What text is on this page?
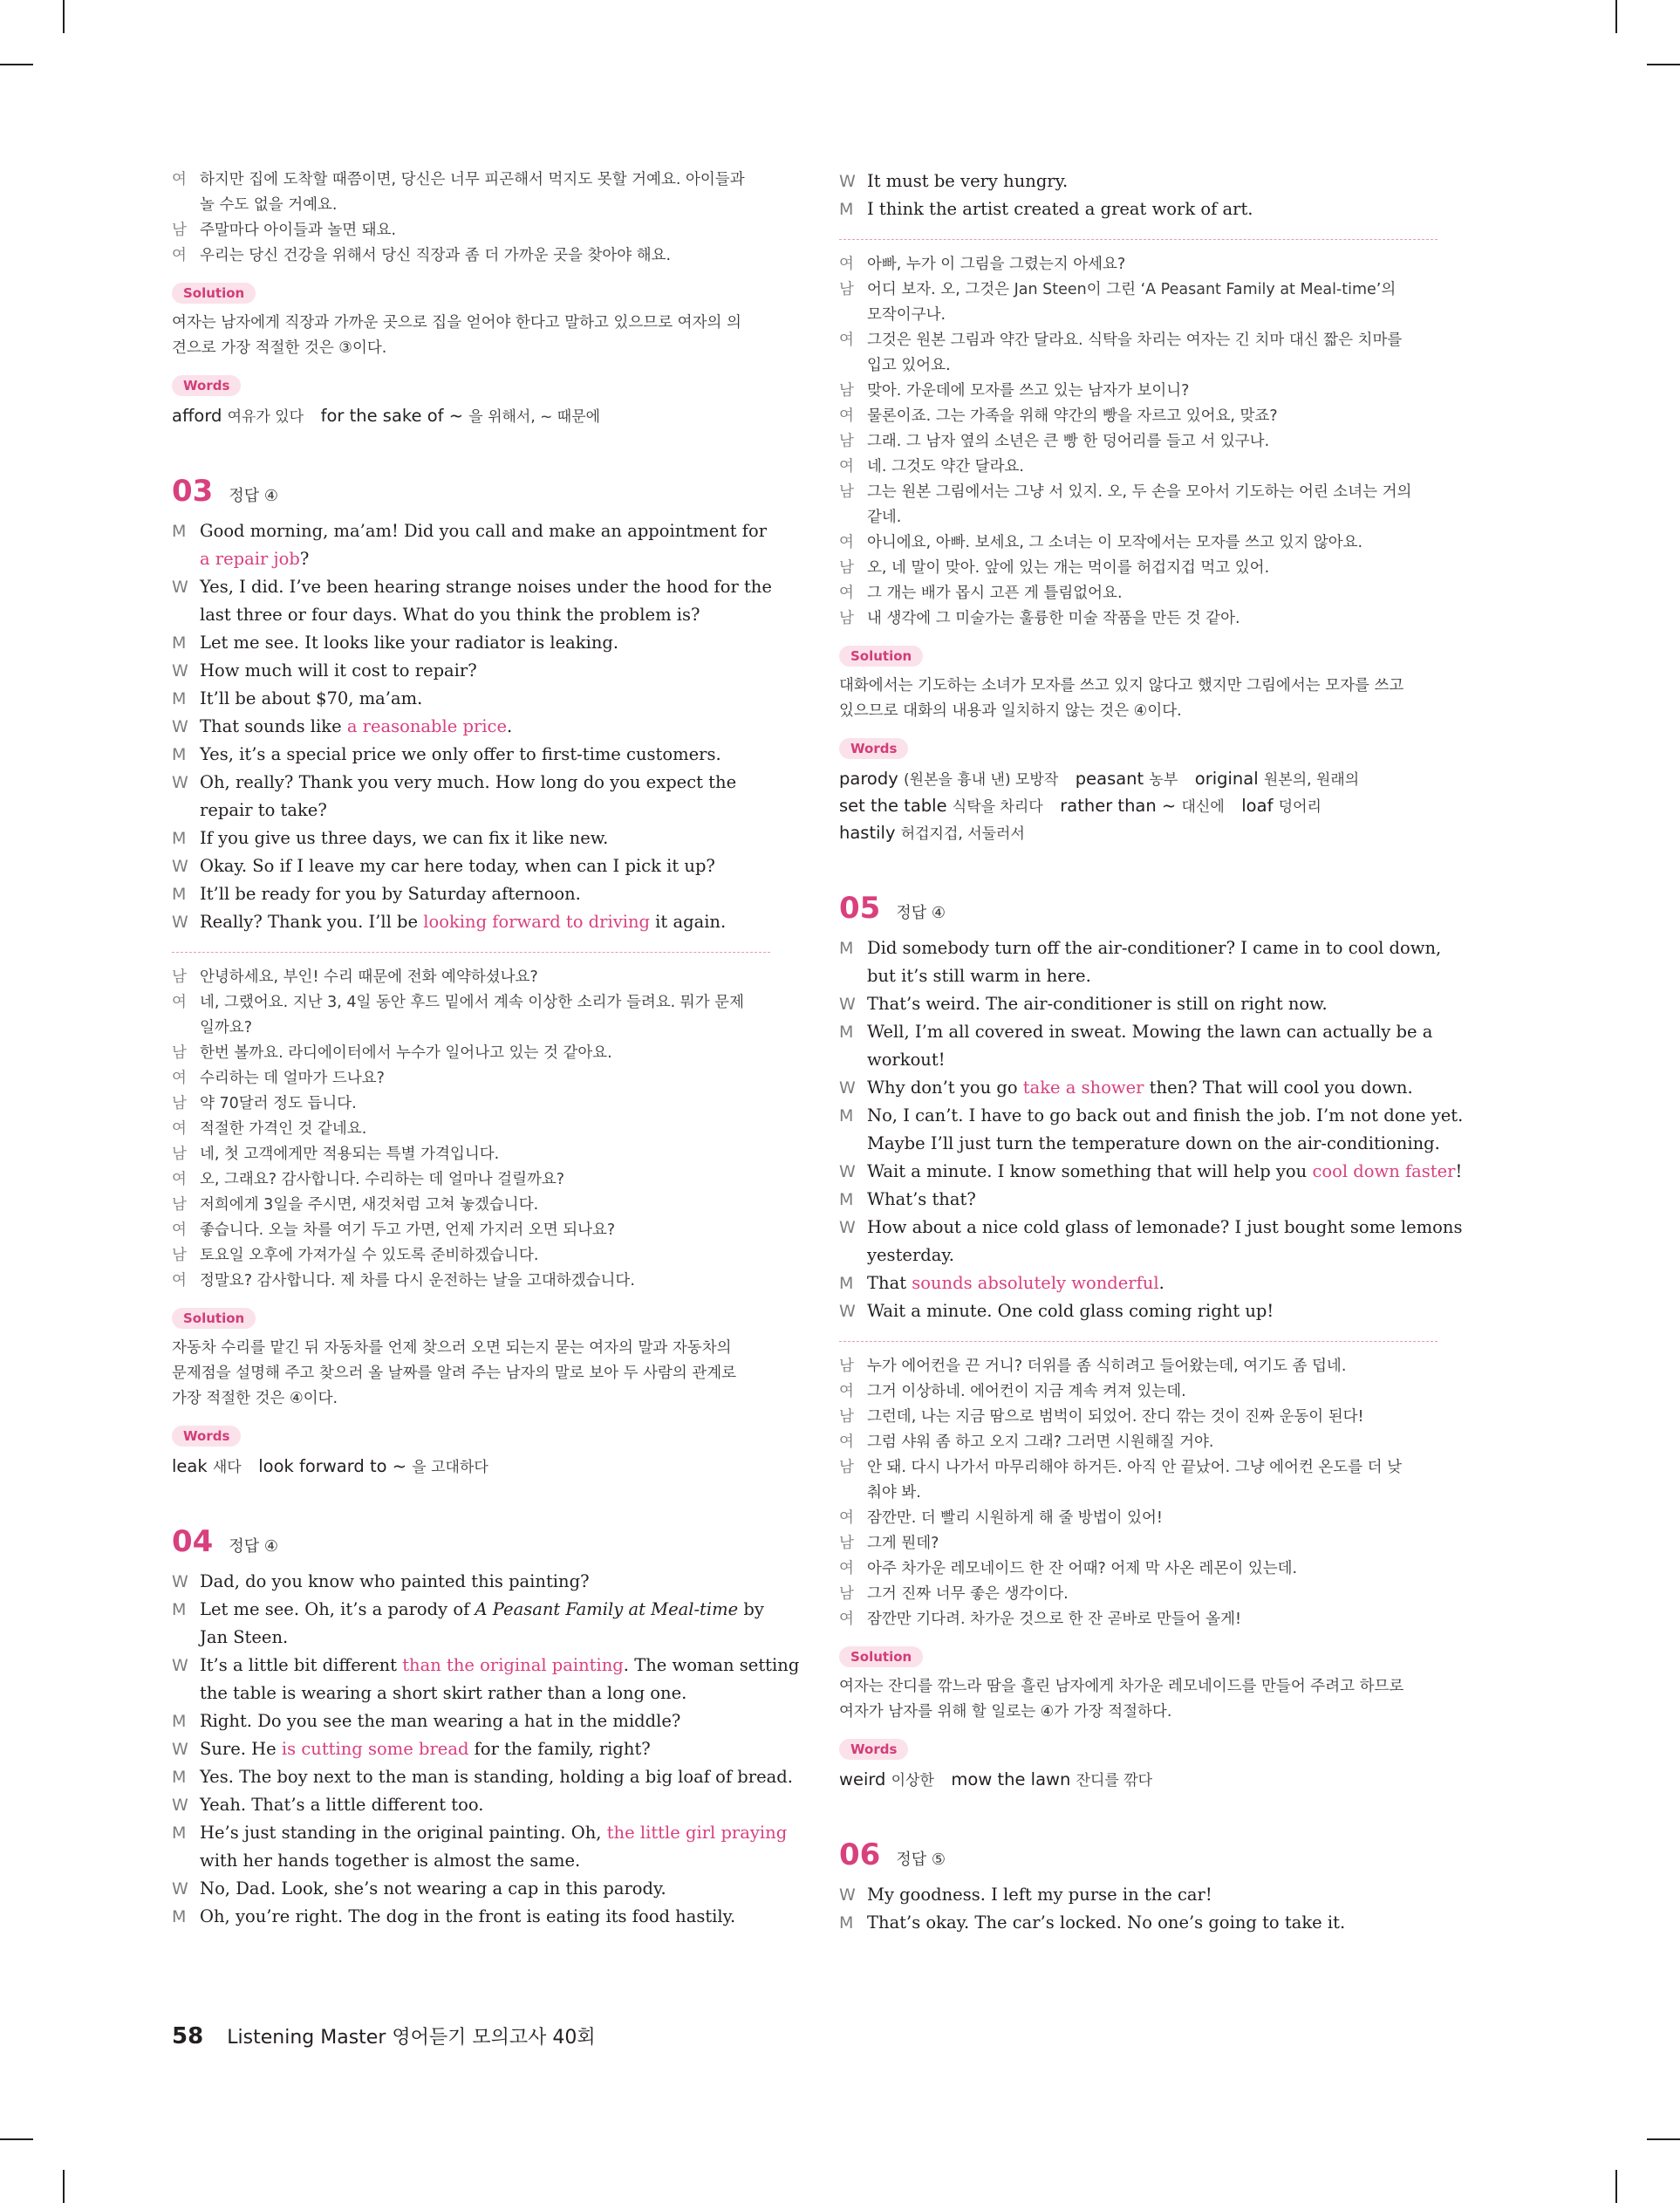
여 하지만 집에 도착할 때쯤이면, 당신은 너무 피곤해서 먹지도 못할 거예요. 아이들과
놀 수도 없을 거예요.
남 주말마다 아이들과 놀면 돼요.
여 우리는 당신 건강을 위해서 당신 직장과 좀 더 가까운 곳을 찾아야 해요.
Solution
여자는 남자에게 직장과 가까운 곳으로 집을 얻어야 한다고 말하고 있으므로 여자의 의
견으로 가장 적절한 것은 ③이다.
Words
afford 여유가 있다  for the sake of ~ 을 위해서, ~ 때문에
03 정답 ④
M Good morning, ma’am! Did you call and make an appointment for
a repair job?
W Yes, I did. I’ve been hearing strange noises under the hood for the
last three or four days. What do you think the problem is?
M Let me see. It looks like your radiator is leaking.
W How much will it cost to repair?
M It’ll be about $70, ma’am.
W That sounds like a reasonable price.
M Yes, it’s a special price we only offer to first-time customers.
W Oh, really? Thank you very much. How long do you expect the
repair to take?
M If you give us three days, we can fix it like new.
W Okay. So if I leave my car here today, when can I pick it up?
M It’ll be ready for you by Saturday afternoon.
W Really? Thank you. I’ll be looking forward to driving it again.
남 안녕하세요, 부인! 수리 때문에 전화 예약하셨나요?
여 네, 그랬어요. 지난 3, 4일 동안 후드 밑에서 계속 이상한 소리가 들려요. 뭐가 문제
일까요?
남 한번 볼까요. 라디에이터에서 누수가 일어나고 있는 것 같아요.
여 수리하는 데 얼마가 드나요?
남 약 70달러 정도 듭니다.
여 적절한 가격인 것 같네요.
남 네, 첫 고객에게만 적용되는 특별 가격입니다.
여 오, 그래요? 감사합니다. 수리하는 데 얼마나 걸릴까요?
남 저희에게 3일을 주시면, 새것처럼 고쳐 놓겠습니다.
여 좋습니다. 오늘 차를 여기 두고 가면, 언제 가지러 오면 되나요?
남 토요일 오후에 가져가실 수 있도록 준비하겠습니다.
여 정말요? 감사합니다. 제 차를 다시 운전하는 날을 고대하겠습니다.
Solution
자동차 수리를 맡긴 뒤 자동차를 언제 찾으러 오면 되는지 묻는 여자의 말과 자동차의
문제점을 설명해 주고 찾으러 올 날짜를 알려 주는 남자의 말로 보아 두 사람의 관계로
가장 적절한 것은 ④이다.
Words
leak 새다  look forward to ~ 을 고대하다
04 정답 ④
W Dad, do you know who painted this painting?
M Let me see. Oh, it’s a parody of A Peasant Family at Meal-time by
Jan Steen.
W It’s a little bit different than the original painting. The woman setting
the table is wearing a short skirt rather than a long one.
M Right. Do you see the man wearing a hat in the middle?
W Sure. He is cutting some bread for the family, right?
M Yes. The boy next to the man is standing, holding a big loaf of bread.
W Yeah. That’s a little different too.
M He’s just standing in the original painting. Oh, the little girl praying
with her hands together is almost the same.
W No, Dad. Look, she’s not wearing a cap in this parody.
M Oh, you’re right. The dog in the front is eating its food hastily.
W It must be very hungry.
M I think the artist created a great work of art.
여 아빠, 누가 이 그림을 그렸는지 아세요?
남 어디 보자. 오, 그것은 Jan Steen이 그린 ‘A Peasant Family at Meal-time’의
모작이구나.
여 그것은 원본 그림과 약간 달라요. 식탁을 차리는 여자는 긴 치마 대신 짧은 치마를
입고 있어요.
남 맞아. 가운데에 모자를 쓰고 있는 남자가 보이니?
여 물론이죠. 그는 가족을 위해 약간의 빵을 자르고 있어요, 맞죠?
남 그래. 그 남자 옆의 소년은 큰 빵 한 덩어리를 들고 서 있구나.
여 네. 그것도 약간 달라요.
남 그는 원본 그림에서는 그냥 서 있지. 오, 두 손을 모아서 기도하는 어린 소녀는 거의
같네.
여 아니에요, 아빠. 보세요, 그 소녀는 이 모작에서는 모자를 쓰고 있지 않아요.
남 오, 네 말이 맞아. 앞에 있는 개는 먹이를 허겁지겁 먹고 있어.
여 그 개는 배가 몹시 고픈 게 틀림없어요.
남 내 생각에 그 미술가는 훌륭한 미술 작품을 만든 것 같아.
Solution
대화에서는 기도하는 소녀가 모자를 쓰고 있지 않다고 했지만 그림에서는 모자를 쓰고
있으므로 대화의 내용과 일치하지 않는 것은 ④이다.
Words
parody (원본을 흉내 낸) 모방작  peasant 농부  original 원본의, 원래의
set the table 식탁을 차리다  rather than ~ 대신에  loaf 덩어리
hastily 허겁지겁, 서둘러서
05 정답 ④
M Did somebody turn off the air-conditioner? I came in to cool down,
but it’s still warm in here.
W That’s weird. The air-conditioner is still on right now.
M Well, I’m all covered in sweat. Mowing the lawn can actually be a
workout!
W Why don’t you go take a shower then? That will cool you down.
M No, I can’t. I have to go back out and finish the job. I’m not done yet.
Maybe I’ll just turn the temperature down on the air-conditioning.
W Wait a minute. I know something that will help you cool down faster!
M What’s that?
W How about a nice cold glass of lemonade? I just bought some lemons
yesterday.
M That sounds absolutely wonderful.
W Wait a minute. One cold glass coming right up!
남 누가 에어컨을 끈 거니? 더위를 좀 식히려고 들어왔는데, 여기도 좀 덥네.
여 그거 이상하네. 에어컨이 지금 계속 켜져 있는데.
남 그런데, 나는 지금 땀으로 범벅이 되었어. 잔디 깎는 것이 진짜 운동이 된다!
여 그럼 샤워 좀 하고 오지 그래? 그러면 시원해질 거야.
남 안 돼. 다시 나가서 마무리해야 하거든. 아직 안 끝났어. 그냥 에어컨 온도를 더 낮
춰야 봐.
여 잠깐만. 더 빨리 시원하게 해 줄 방법이 있어!
남 그게 뭔데?
여 아주 차가운 레모네이드 한 잔 어때? 어제 막 사온 레몬이 있는데.
남 그거 진짜 너무 좋은 생각이다.
여 잠깐만 기다려. 차가운 것으로 한 잔 곧바로 만들어 올게!
Solution
여자는 잔디를 깎느라 땀을 흘린 남자에게 차가운 레모네이드를 만들어 주려고 하므로
여자가 남자를 위해 할 일로는 ④가 가장 적절하다.
Words
weird 이상한  mow the lawn 잔디를 깎다
06 정답 ⑤
W My goodness. I left my purse in the car!
M That’s okay. The car’s locked. No one’s going to take it.
58 Listening Master 영어듣기 모의고사 40회
